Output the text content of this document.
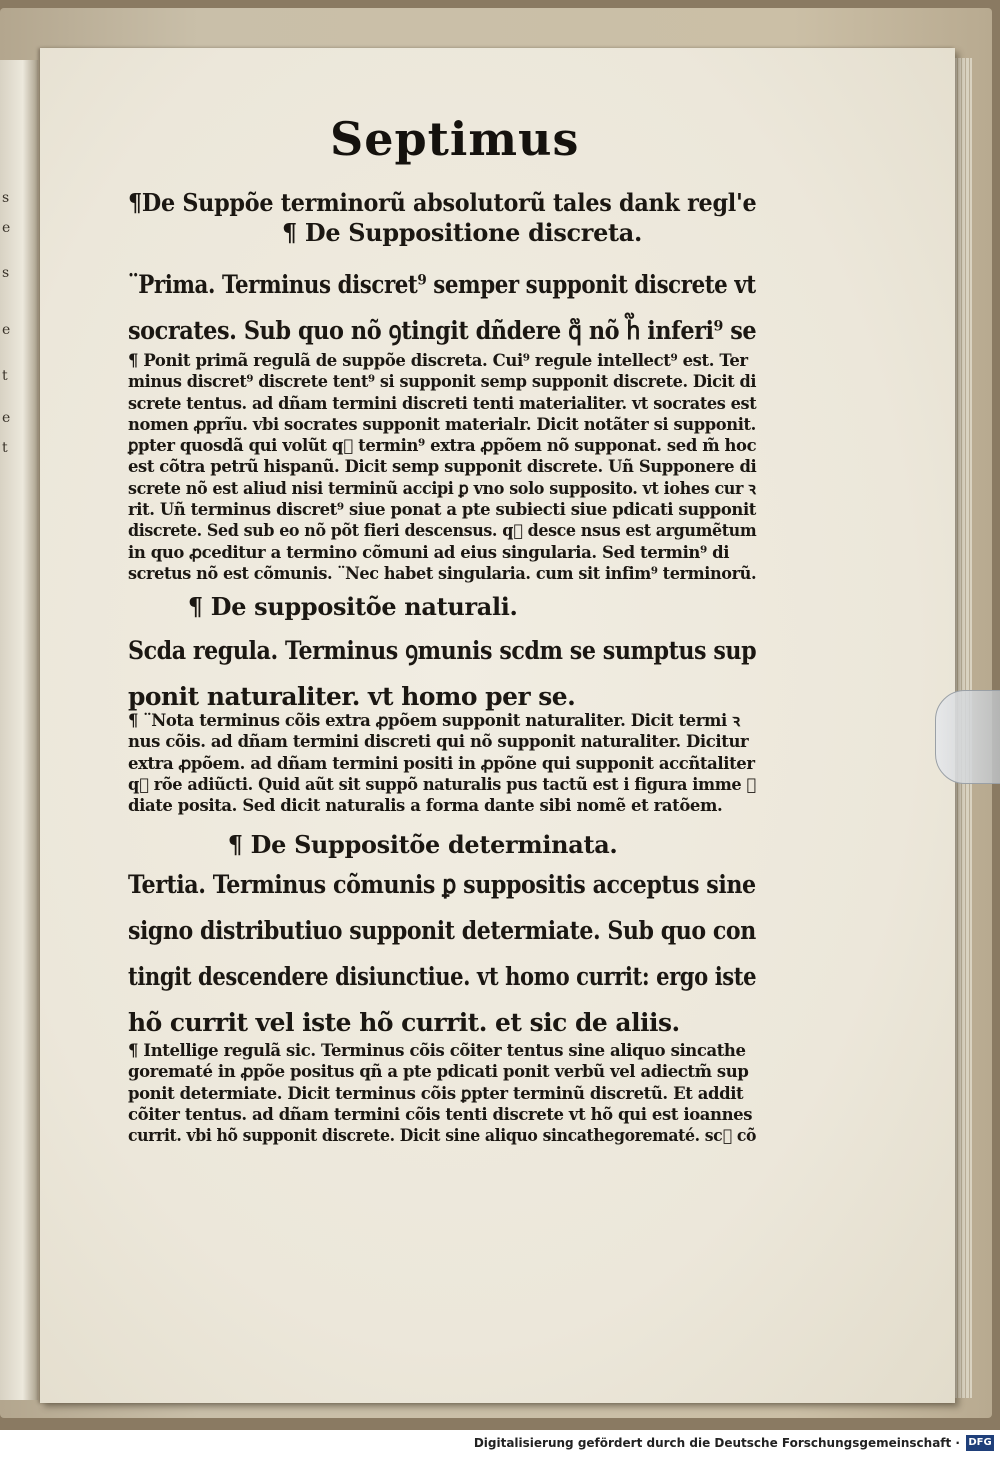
s
e
s
e
t
e
t
Septimus
¶De Suppõe terminorũ absolutorũ tales dank regl'e
¶ De Suppositione discreta.
¨Prima. Terminus discret⁹ semper supponit discrete vt
socrates. Sub quo nõ ꝯtingit dñdere q᷑ nõ h᷑ inferi⁹ se
¶ Ponit primã regulã de suppõe discreta. Cui⁹ regule intellect⁹ est. Ter
minus discret⁹ discrete tent⁹ si supponit semp supponit discrete. Dicit di
screte tentus. ad dñam termini discreti tenti materialiter. vt socrates est
nomen ꝓprĩu. vbi socrates supponit materialr. Dicit notãter si supponit.
ꝑpter quosdã qui volũt q᷑ termin⁹ extra ꝓpõem nõ supponat. sed m̃ hoc
est cõtra petrũ hispanũ. Dicit semp supponit discrete. Uñ Supponere di
screte nõ est aliud nisi terminũ accipi ꝑ vno solo supposito. vt iohes cur ꝛ
rit. Uñ terminus discret⁹ siue ponat a pte subiecti siue pdicati supponit
discrete. Sed sub eo nõ põt fieri descensus. q᷑ desce nsus est argumẽtum
in quo ꝓceditur a termino cõmuni ad eius singularia. Sed termin⁹ di
scretus nõ est cõmunis. ¨Nec habet singularia. cum sit infim⁹ terminorũ.
¶ De suppositõe naturali.
Scda regula. Terminus ꝯmunis scdm se sumptus sup
ponit naturaliter. vt homo per se.
¶ ¨Nota terminus cõis extra ꝓpõem supponit naturaliter. Dicit termi ꝛ
nus cõis. ad dñam termini discreti qui nõ supponit naturaliter. Dicitur
extra ꝓpõem. ad dñam termini positi in ꝓpõne qui supponit accñtaliter
q᷑ rõe adiũcti. Quid aũt sit suppõ naturalis pus tactũ est i figura imme ꝛ
diate posita. Sed dicit naturalis a forma dante sibi nomẽ et ratõem.
¶ De Suppositõe determinata.
Tertia. Terminus cõmunis ꝑ suppositis acceptus sine
signo distributiuo supponit determiate. Sub quo con
tingit descendere disiunctiue. vt homo currit: ergo iste
hõ currit vel iste hõ currit. et sic de aliis.
¶ Intellige regulã sic. Terminus cõis cõiter tentus sine aliquo sincathe
gorematé in ꝓpõe positus qñ a pte pdicati ponit verbũ vel adiectm̃ sup
ponit determiate. Dicit terminus cõis ꝑpter terminũ discretũ. Et addit
cõiter tentus. ad dñam termini cõis tenti discrete vt hõ qui est ioannes
currit. vbi hõ supponit discrete. Dicit sine aliquo sincathegorematé. sc᷑ cõ
Digitalisierung gefördert durch die Deutsche Forschungsgemeinschaft · DFG
